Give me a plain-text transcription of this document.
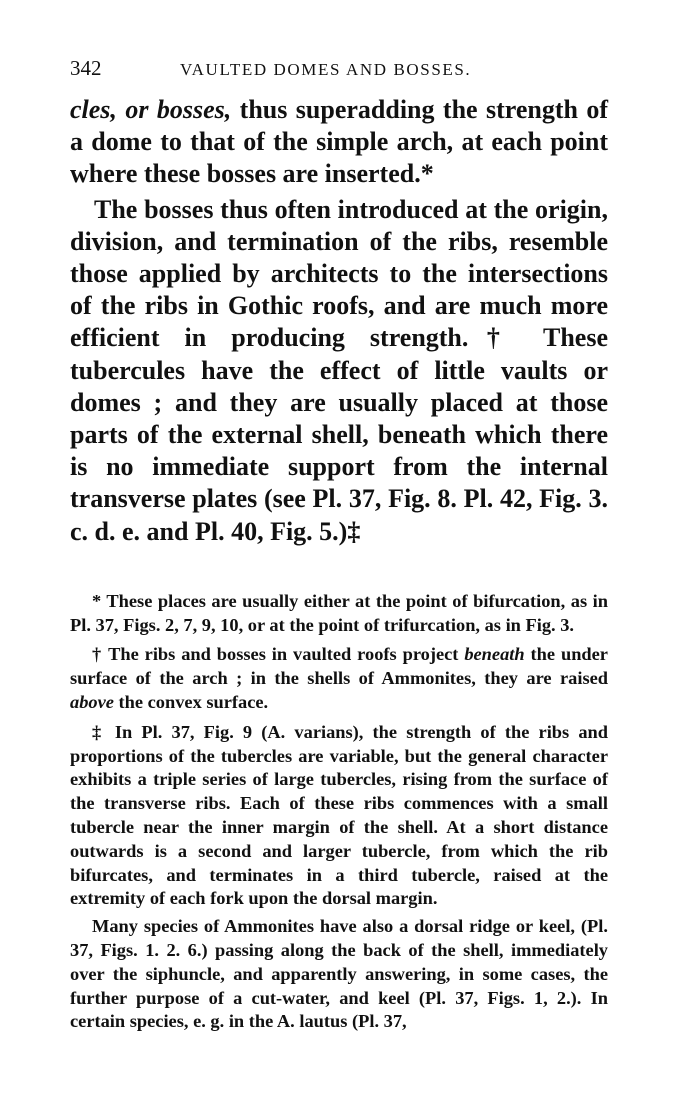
342	VAULTED DOMES AND BOSSES.

cles, or bosses, thus superadding the strength of a dome to that of the simple arch, at each point where these bosses are inserted.*

The bosses thus often introduced at the origin, division, and termination of the ribs, resemble those applied by architects to the intersections of the ribs in Gothic roofs, and are much more efficient in producing strength.† These tubercules have the effect of little vaults or domes ; and they are usually placed at those parts of the external shell, beneath which there is no immediate support from the internal transverse plates (see Pl. 37, Fig. 8. Pl. 42, Fig. 3. c. d. e. and Pl. 40, Fig. 5.)‡

* These places are usually either at the point of bifurcation, as in Pl. 37, Figs. 2, 7, 9, 10, or at the point of trifurcation, as in Fig. 3.

† The ribs and bosses in vaulted roofs project beneath the under surface of the arch ; in the shells of Ammonites, they are raised above the convex surface.

‡ In Pl. 37, Fig. 9 (A. varians), the strength of the ribs and proportions of the tubercles are variable, but the general character exhibits a triple series of large tubercles, rising from the surface of the transverse ribs. Each of these ribs commences with a small tubercle near the inner margin of the shell. At a short distance outwards is a second and larger tubercle, from which the rib bifurcates, and terminates in a third tubercle, raised at the extremity of each fork upon the dorsal margin.

Many species of Ammonites have also a dorsal ridge or keel, (Pl. 37, Figs. 1. 2. 6.) passing along the back of the shell, immediately over the siphuncle, and apparently answering, in some cases, the further purpose of a cut-water, and keel (Pl. 37, Figs. 1, 2.). In certain species, e. g. in the A. lautus (Pl. 37,
